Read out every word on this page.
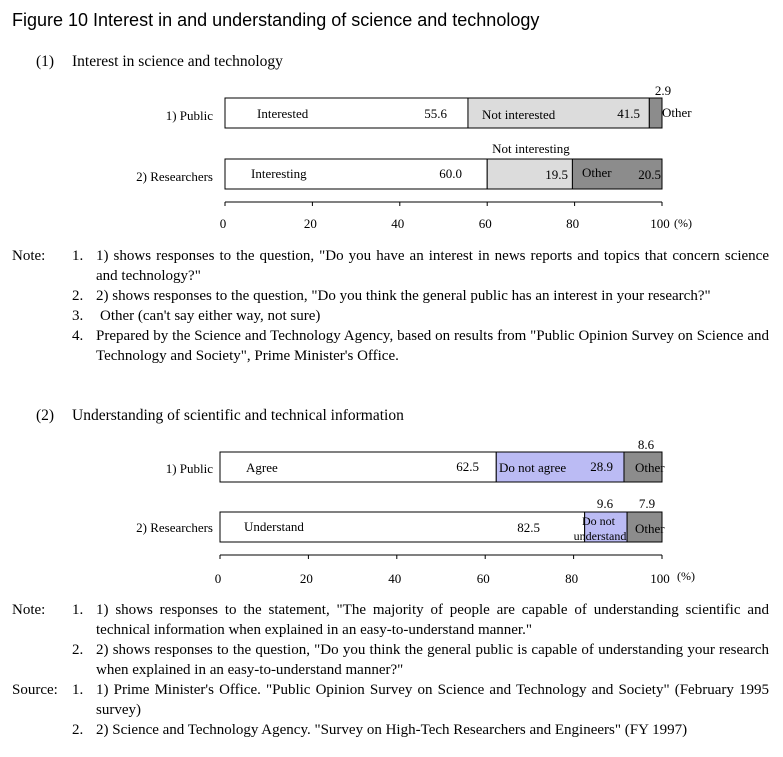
Figure 10 Interest in and understanding of science and technology
(1) Interest in science and technology
1) Public	Interested	55.6	Not interested	41.5
2.9
Other
2) Researchers	Interesting	60.0
Not interesting
19.5 Other 20.5
0	20	40	60	80	100 (%)
Note: 1. 1) shows responses to the question, "Do you have an interest in news reports and topics that concern science and technology?"
2. 2) shows responses to the question, "Do you think the general public has an interest in your research?"
3. Other (can't say either way, not sure)
4. Prepared by the Science and Technology Agency, based on results from "Public Opinion Survey on Science and Technology and Society", Prime Minister's Office.
(2) Understanding of scientific and technical information
1) Public	Agree	62.5 Do not agree 28.9
8.6
Other
2) Researchers Understand	82.5
9.6
Do not understand
7.9
Other
0	20	40	60	80	100 (%)
Note: 1. 1) shows responses to the statement, "The majority of people are capable of understanding scientific and technical information when explained in an easy-to-understand manner."
2. 2) shows responses to the question, "Do you think the general public is capable of understanding your research when explained in an easy-to-understand manner?"
Source: 1. 1) Prime Minister's Office. "Public Opinion Survey on Science and Technology and Society" (February 1995 survey)
2. 2) Science and Technology Agency. "Survey on High-Tech Researchers and Engineers" (FY 1997)
